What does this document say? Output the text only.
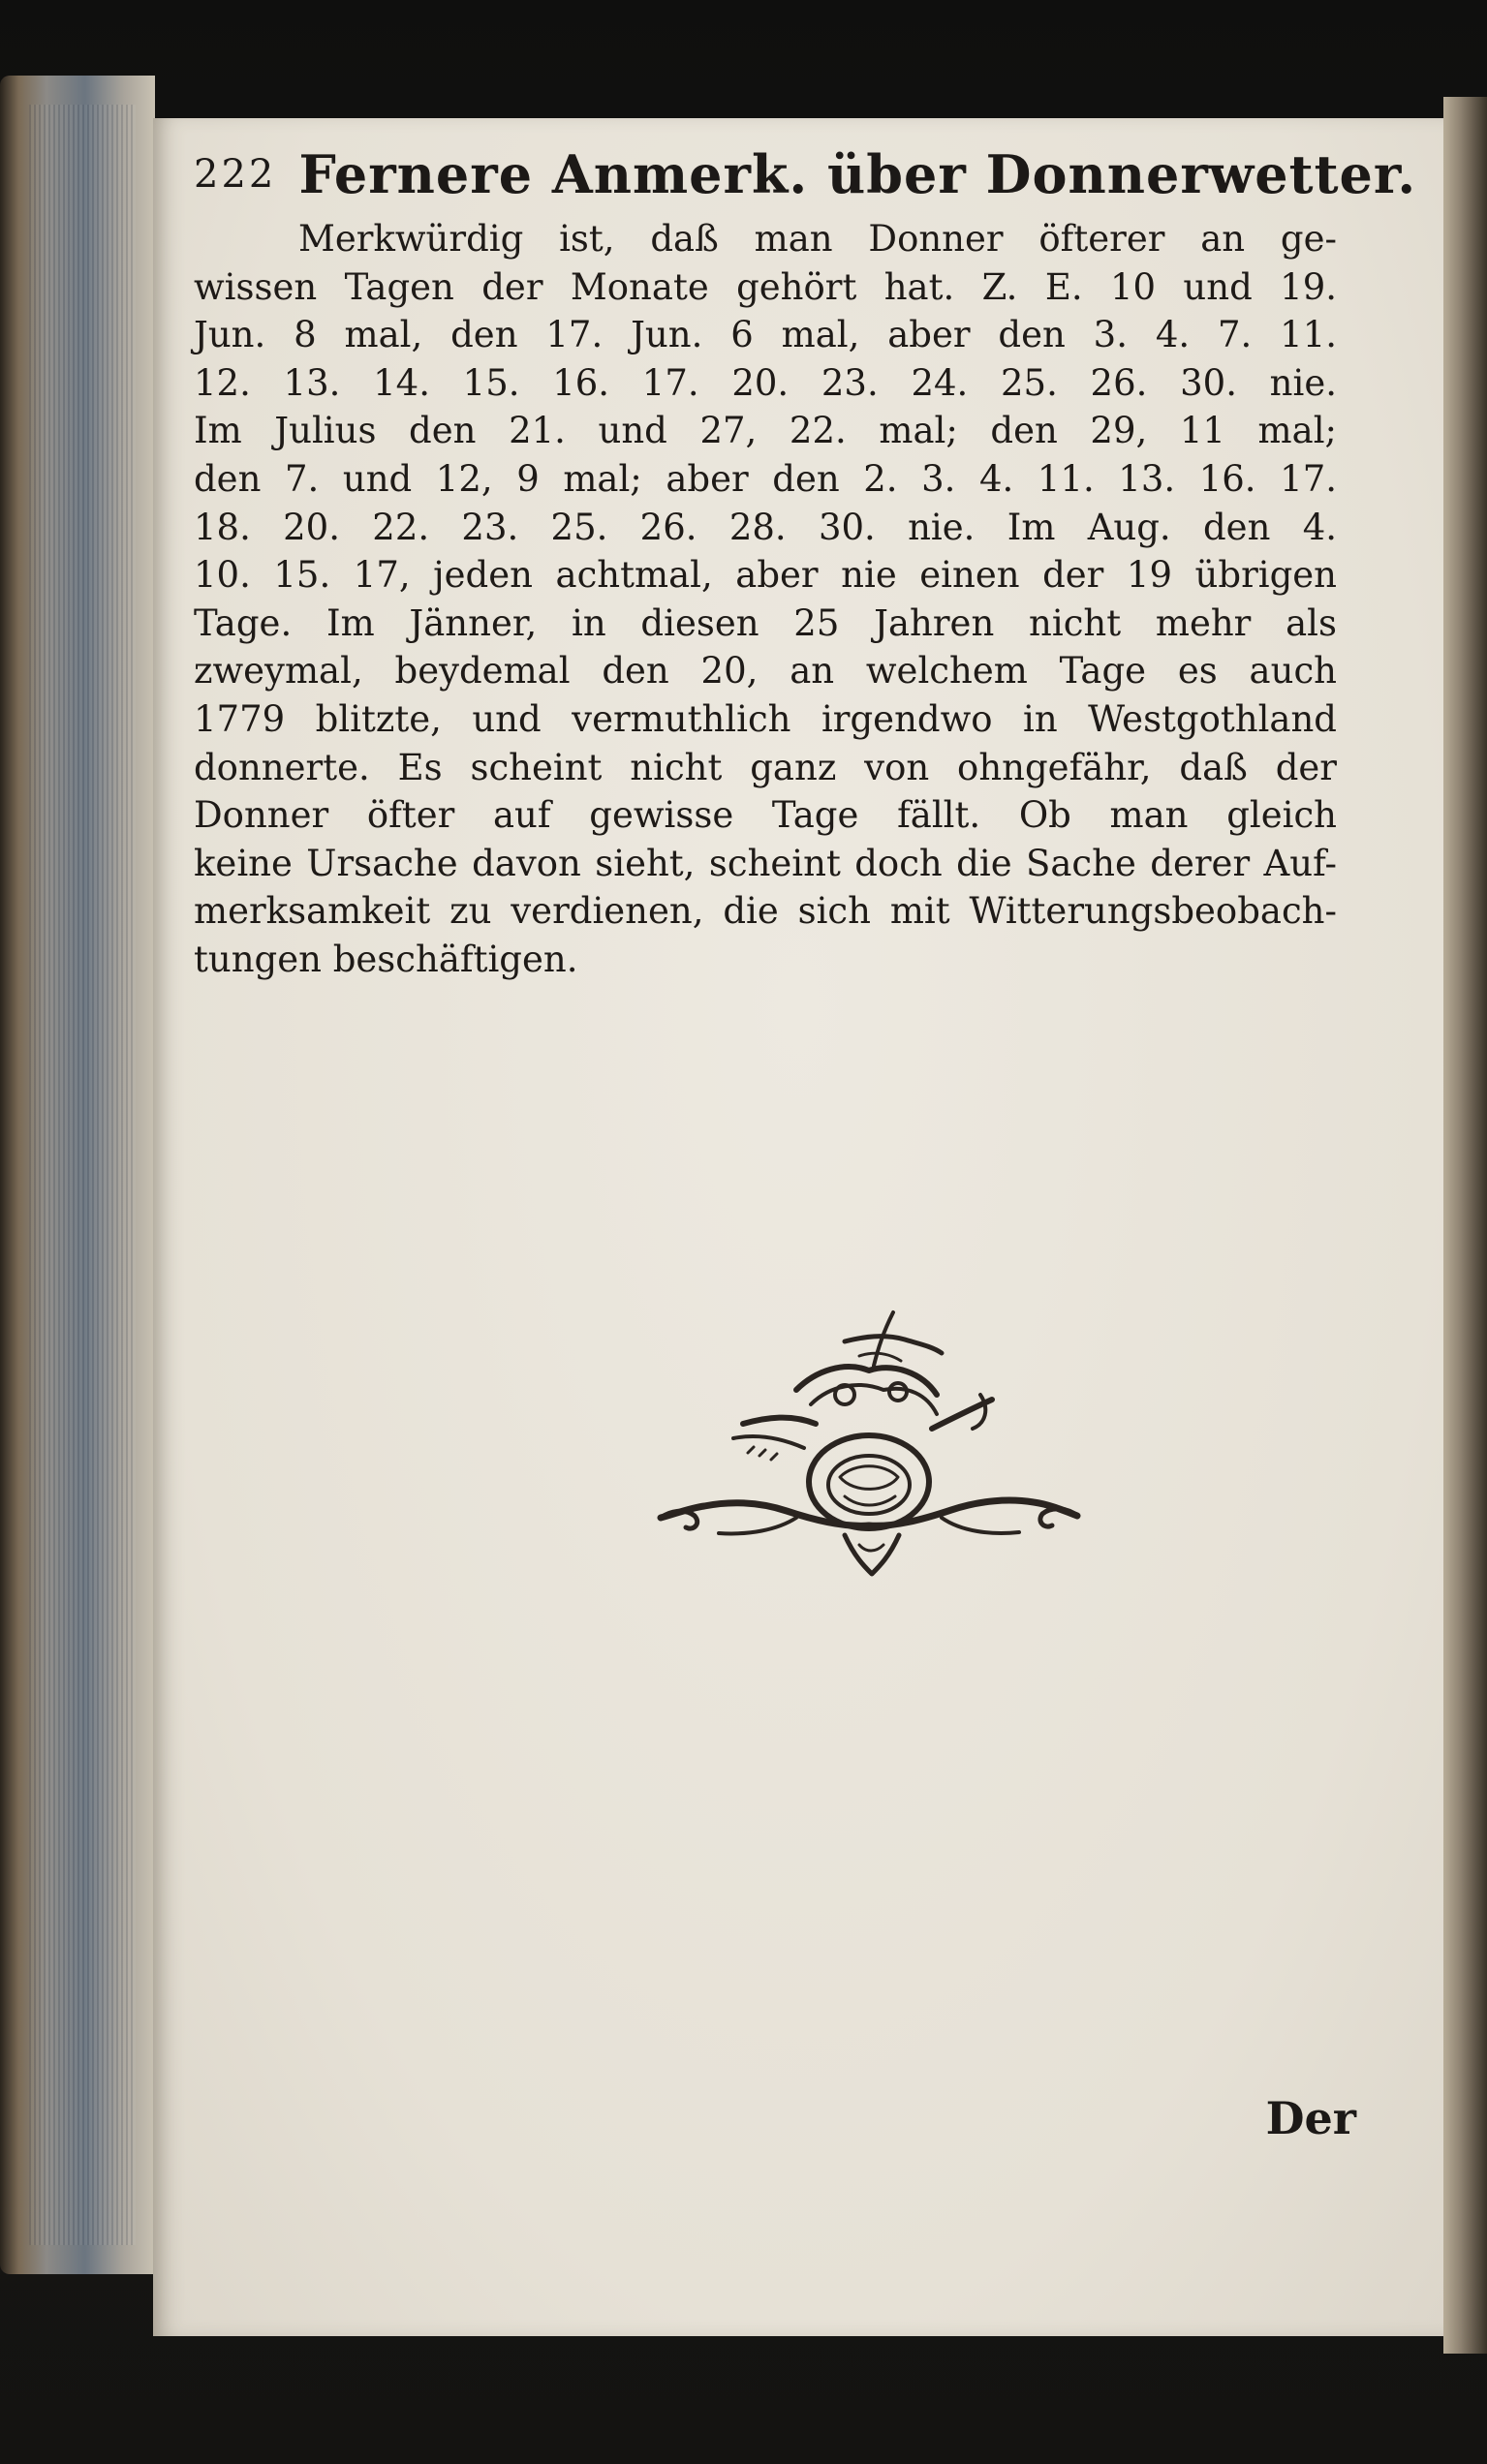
222 Fernere Anmerk. über Donnerwetter.
Merkwürdig ist, daß man Donner öfterer an ge-
wissen Tagen der Monate gehört hat. Z. E. 10 und 19.
Jun. 8 mal, den 17. Jun. 6 mal, aber den 3. 4. 7. 11.
12. 13. 14. 15. 16. 17. 20. 23. 24. 25. 26. 30. nie.
Im Julius den 21. und 27, 22. mal; den 29, 11 mal;
den 7. und 12, 9 mal; aber den 2. 3. 4. 11. 13. 16. 17.
18. 20. 22. 23. 25. 26. 28. 30. nie. Im Aug. den 4.
10. 15. 17, jeden achtmal, aber nie einen der 19 übrigen
Tage. Im Jänner, in diesen 25 Jahren nicht mehr als
zweymal, beydemal den 20, an welchem Tage es auch
1779 blitzte, und vermuthlich irgendwo in Westgothland
donnerte. Es scheint nicht ganz von ohngefähr, daß der
Donner öfter auf gewisse Tage fällt. Ob man gleich
keine Ursache davon sieht, scheint doch die Sache derer Auf-
merksamkeit zu verdienen, die sich mit Witterungsbeobach-
tungen beschäftigen.
Der
